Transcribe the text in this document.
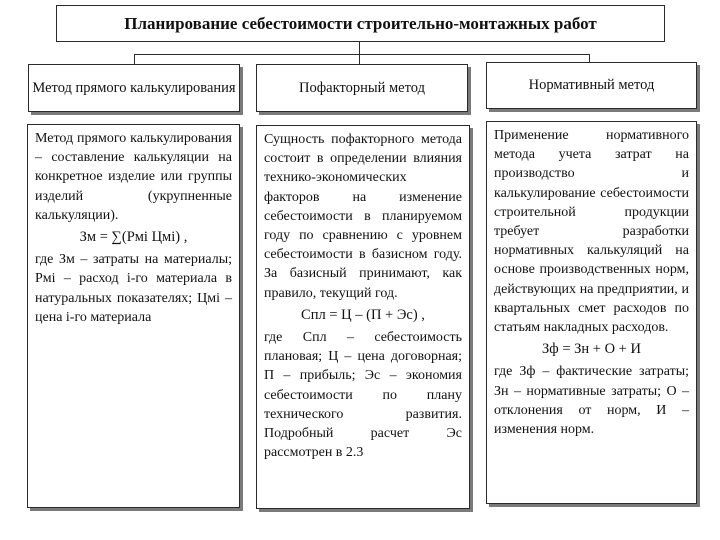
Планирование себестоимости строительно-монтажных работ
Метод прямого калькулирования	Пофакторный метод	Нормативный метод

Метод прямого калькулирования – составление калькуляции на конкретное изделие или группы изделий (укрупненные калькуляции).

Зм = ∑(Pмi Цмi) ,

где Зм – затраты на материалы; Pмi – расход i-го материала в натуральных показателях; Цмi – цена i-го материала

Сущность пофакторного метода состоит в определении влияния технико-экономических факторов на изменение себестоимости в планируемом году по сравнению с уровнем себестоимости в базисном году. За базисный принимают, как правило, текущий год.

Спл = Ц – (П + Эс) ,

где Спл – себестоимость плановая; Ц – цена договорная; П – прибыль; Эс – экономия себестоимости по плану технического развития. Подробный расчет Эс рассмотрен в 2.3

Применение нормативного метода учета затрат на производство и калькулирование себестоимости строительной продукции требует разработки нормативных калькуляций на основе производственных норм, действующих на предприятии, и квартальных смет расходов по статьям накладных расходов.

Зф = Зн + О + И

где Зф – фактические затраты; Зн – нормативные затраты; О – отклонения от норм, И – изменения норм.
